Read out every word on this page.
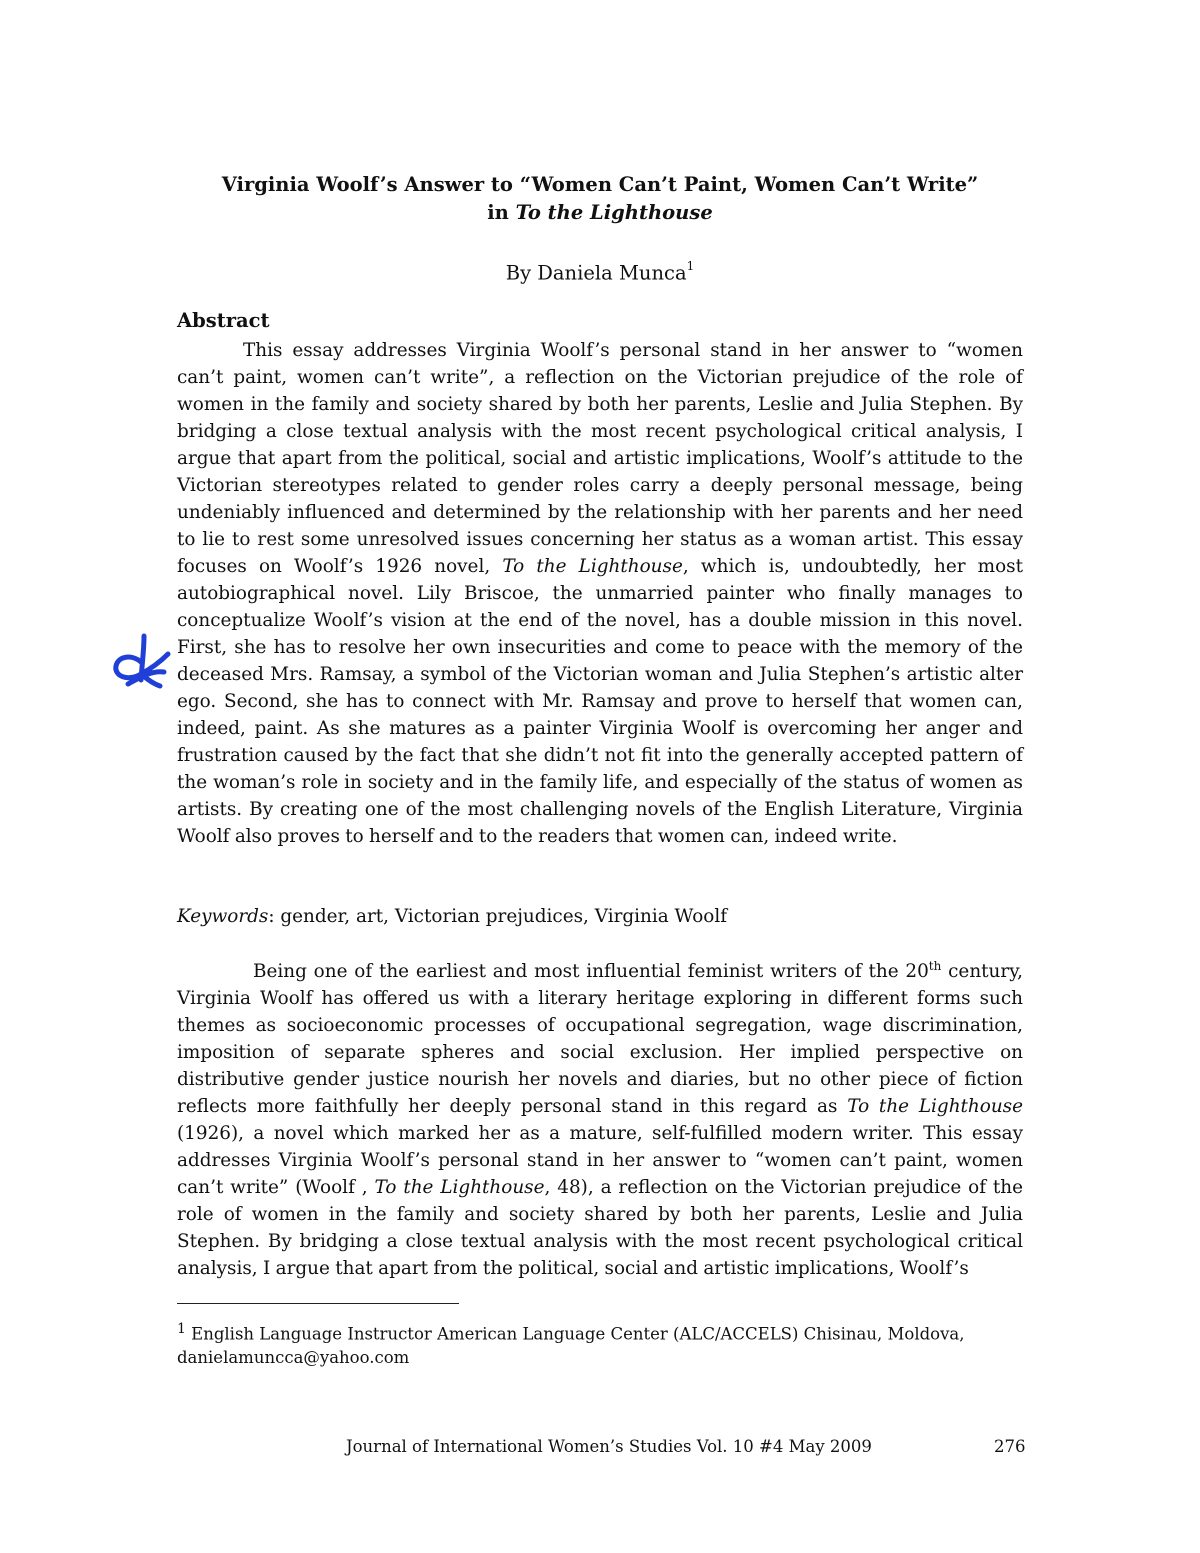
Virginia Woolf’s Answer to “Women Can’t Paint, Women Can’t Write”
in To the Lighthouse
By Daniela Munca$^1$
Abstract
This essay addresses Virginia Woolf’s personal stand in her answer to “women can’t paint, women can’t write”, a reflection on the Victorian prejudice of the role of women in the family and society shared by both her parents, Leslie and Julia Stephen. By bridging a close textual analysis with the most recent psychological critical analysis, I argue that apart from the political, social and artistic implications, Woolf’s attitude to the Victorian stereotypes related to gender roles carry a deeply personal message, being undeniably influenced and determined by the relationship with her parents and her need to lie to rest some unresolved issues concerning her status as a woman artist. This essay focuses on Woolf’s 1926 novel, To the Lighthouse, which is, undoubtedly, her most autobiographical novel. Lily Briscoe, the unmarried painter who finally manages to conceptualize Woolf’s vision at the end of the novel, has a double mission in this novel. First, she has to resolve her own insecurities and come to peace with the memory of the deceased Mrs. Ramsay, a symbol of the Victorian woman and Julia Stephen’s artistic alter ego. Second, she has to connect with Mr. Ramsay and prove to herself that women can, indeed, paint. As she matures as a painter Virginia Woolf is overcoming her anger and frustration caused by the fact that she didn’t not fit into the generally accepted pattern of the woman’s role in society and in the family life, and especially of the status of women as artists. By creating one of the most challenging novels of the English Literature, Virginia Woolf also proves to herself and to the readers that women can, indeed write.
Keywords: gender, art, Victorian prejudices, Virginia Woolf
Being one of the earliest and most influential feminist writers of the 20th century, Virginia Woolf has offered us with a literary heritage exploring in different forms such themes as socioeconomic processes of occupational segregation, wage discrimination, imposition of separate spheres and social exclusion. Her implied perspective on distributive gender justice nourish her novels and diaries, but no other piece of fiction reflects more faithfully her deeply personal stand in this regard as To the Lighthouse (1926), a novel which marked her as a mature, self-fulfilled modern writer. This essay addresses Virginia Woolf’s personal stand in her answer to “women can’t paint, women can’t write” (Woolf , To the Lighthouse, 48), a reflection on the Victorian prejudice of the role of women in the family and society shared by both her parents, Leslie and Julia Stephen. By bridging a close textual analysis with the most recent psychological critical analysis, I argue that apart from the political, social and artistic implications, Woolf’s
$^1$ English Language Instructor American Language Center (ALC/ACCELS) Chisinau, Moldova,
danielamuncca@yahoo.com
Journal of International Women’s Studies Vol. 10 #4 May 2009	276
